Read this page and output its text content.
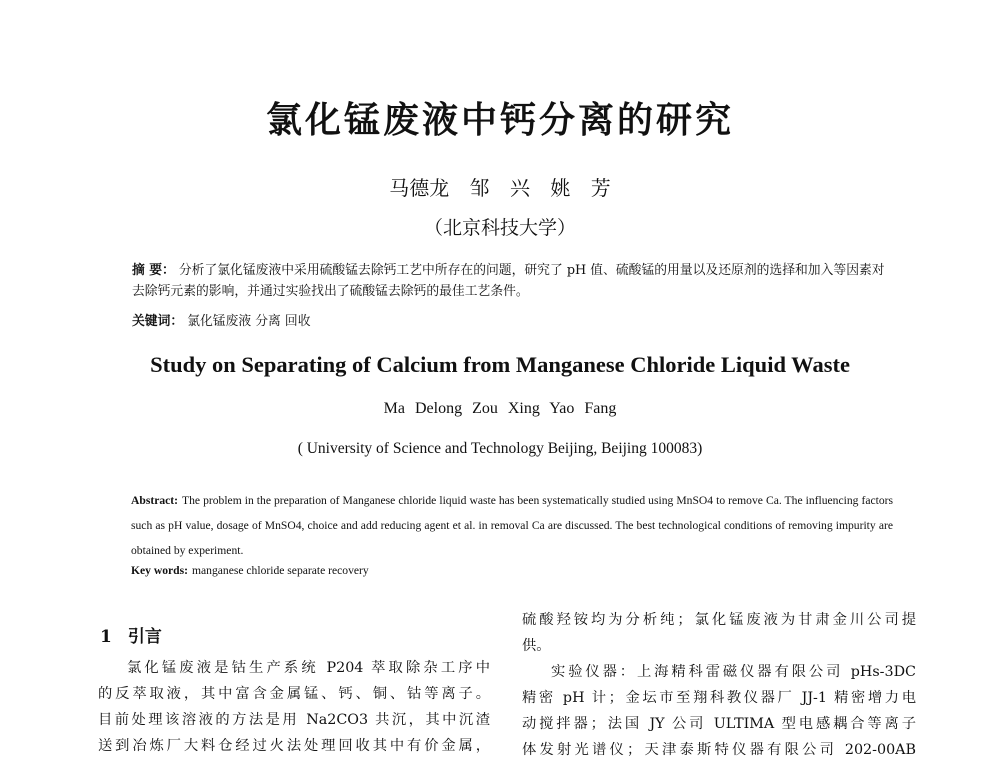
氯化锰废液中钙分离的研究
马德龙 邹 兴 姚 芳
（北京科技大学）
摘 要： 分析了氯化锰废液中采用硫酸锰去除钙工艺中所存在的问题，研究了 pH 值、硫酸锰的用量以及还原剂的选择和加入等因素对去除钙元素的影响，并通过实验找出了硫酸锰去除钙的最佳工艺条件。
关键词： 氯化锰废液 分离 回收
Study on Separating of Calcium from Manganese Chloride Liquid Waste
Ma Delong Zou Xing Yao Fang
( University of Science and Technology Beijing, Beijing 100083)
Abstract: The problem in the preparation of Manganese chloride liquid waste has been systematically studied using MnSO4 to remove Ca. The influencing factors such as pH value, dosage of MnSO4, choice and add reducing agent et al. in removal Ca are discussed. The best technological conditions of removing impurity are obtained by experiment.
Key words: manganese chloride separate recovery
1 引言
氯化锰废液是钴生产系统 P204 萃取除杂工序中
的反萃取液，其中富含金属锰、钙、铜、钴等离子。
目前处理该溶液的方法是用 Na2CO3 共沉，其中沉渣
送到冶炼厂大料仓经过火法处理回收其中有价金属，
硫酸羟铵均为分析纯；氯化锰废液为甘肃金川公司提
供。
实验仪器：上海精科雷磁仪器有限公司 pHs-3DC
精密 pH 计；金坛市至翔科教仪器厂 JJ-1 精密增力电
动搅拌器；法国 JY 公司 ULTIMA 型电感耦合等离子
体发射光谱仪；天津泰斯特仪器有限公司 202-00AB
